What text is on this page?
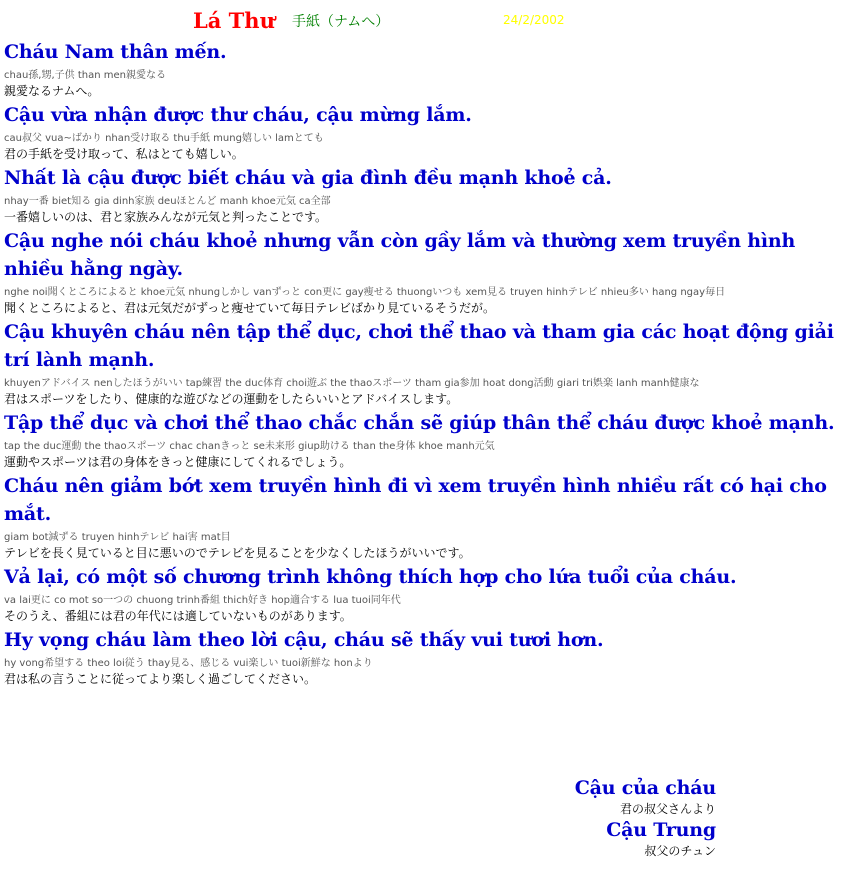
Lá Thư 手紙（ナムへ）	24/2/2002
Cháu Nam thân mến.
chau孫,甥,子供 than men親愛なる
親愛なるナムへ。
Cậu vừa nhận được thư cháu, cậu mừng lắm.
cau叔父 vua~ばかり nhan受け取る thu手紙 mung嬉しい lamとても
君の手紙を受け取って、私はとても嬉しい。
Nhất là cậu được biết cháu và gia đình đều mạnh khoẻ cả.
nhay一番 biet知る gia dinh家族 deuほとんど manh khoe元気 ca全部
一番嬉しいのは、君と家族みんなが元気と判ったことです。
Cậu nghe nói cháu khoẻ nhưng vẫn còn gầy lắm và thường xem truyền hình nhiều hằng ngày.
nghe noi聞くところによると khoe元気 nhungしかし vanずっと con更に gay痩せる thuongいつも xem見る truyen hinhテレビ nhieu多い hang ngay毎日
聞くところによると、君は元気だがずっと痩せていて毎日テレビばかり見ているそうだが。
Cậu khuyên cháu nên tập thể dục, chơi thể thao và tham gia các hoạt động giải trí lành mạnh.
khuyenアドバイス nenしたほうがいい tap練習 the duc体育 choi遊ぶ the thaoスポーツ tham gia参加 hoat dong活動 giari tri娯楽 lanh manh健康な
君はスポーツをしたり、健康的な遊びなどの運動をしたらいいとアドバイスします。
Tập thể dục và chơi thể thao chắc chắn sẽ giúp thân thể cháu được khoẻ mạnh.
tap the duc運動 the thaoスポーツ chac chanきっと se未来形 giup助ける than the身体 khoe manh元気
運動やスポーツは君の身体をきっと健康にしてくれるでしょう。
Cháu nên giảm bớt xem truyền hình đi vì xem truyền hình nhiều rất có hại cho mắt.
giam bot減ずる truyen hinhテレビ hai害 mat目
テレビを長く見ていると目に悪いのでテレビを見ることを少なくしたほうがいいです。
Vả lại, có một số chương trình không thích hợp cho lứa tuổi của cháu.
va lai更に co mot so一つの chuong trinh番組 thich好き hop適合する lua tuoi同年代
そのうえ、番組には君の年代には適していないものがあります。
Hy vọng cháu làm theo lời cậu, cháu sẽ thấy vui tươi hơn.
hy vong希望する theo loi従う thay見る、感じる vui楽しい tuoi新鮮な honより
君は私の言うことに従ってより楽しく過ごしてください。
Cậu của cháu
君の叔父さんより
Cậu Trung
叔父のチュン
